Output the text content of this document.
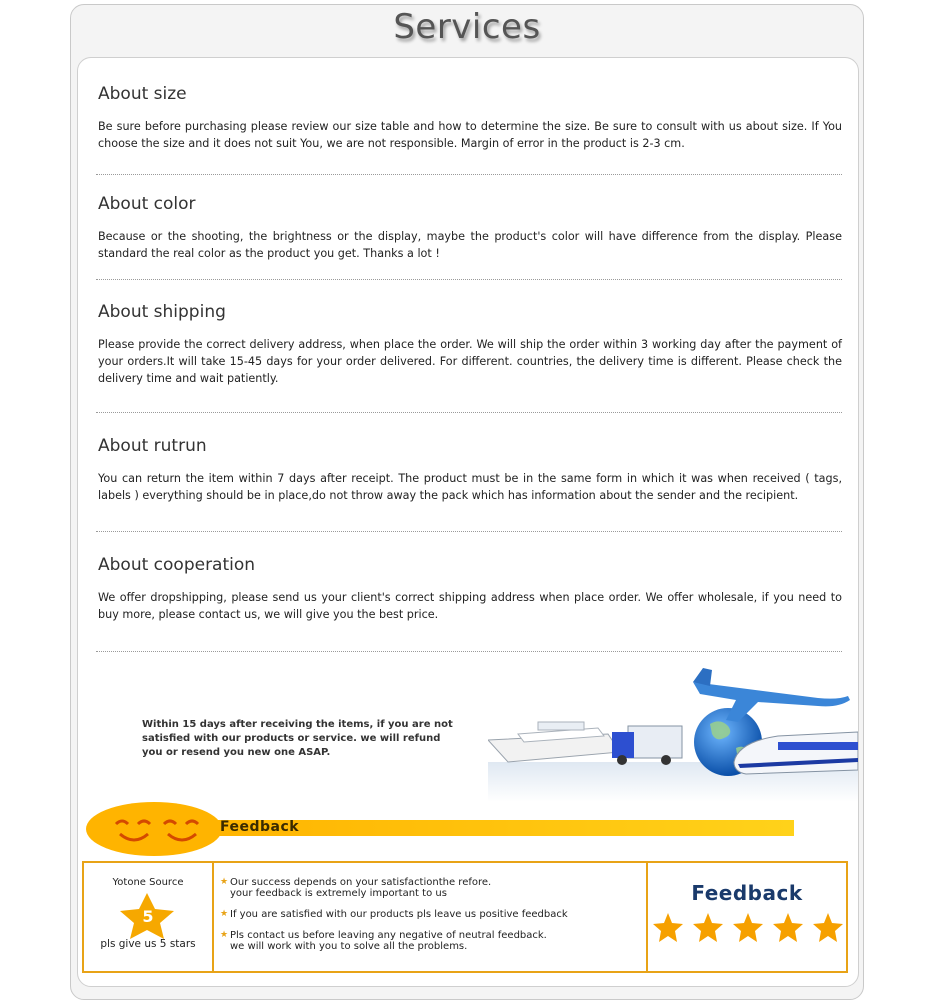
Services
About size

Be sure before purchasing please review our size table and how to determine the size. Be sure to consult with us about size. If You choose the size and it does not suit You, we are not responsible. Margin of error in the product is 2-3 cm.

About color

Because or the shooting, the brightness or the display, maybe the product's color will have difference from the display. Please standard the real color as the product you get. Thanks a lot !

About shipping

Please provide the correct delivery address, when place the order. We will ship the order within 3 working day after the payment of your orders.It will take 15-45 days for your order delivered. For different. countries, the delivery time is different. Please check the delivery time and wait patiently.

About rutrun

You can return the item within 7 days after receipt. The product must be in the same form in which it was when received ( tags, labels ) everything should be in place,do not throw away the pack which has information about the sender and the recipient.

About cooperation

We offer dropshipping, please send us your client's correct shipping address when place order. We offer wholesale, if you need to buy more, please contact us, we will give you the best price.

Within 15 days after receiving the items, if you are not satisfied with our products or service. we will refund you or resend you new one ASAP.
Feedback
Yotone Source
5
pls give us 5 stars
★ Our success depends on your satisfactionthe refore.
your feedback is extremely important to us
★ If you are satisfied with our products pls leave us positive feedback
★ Pls contact us before leaving any negative of neutral feedback.
we will work with you to solve all the problems.
Feedback
